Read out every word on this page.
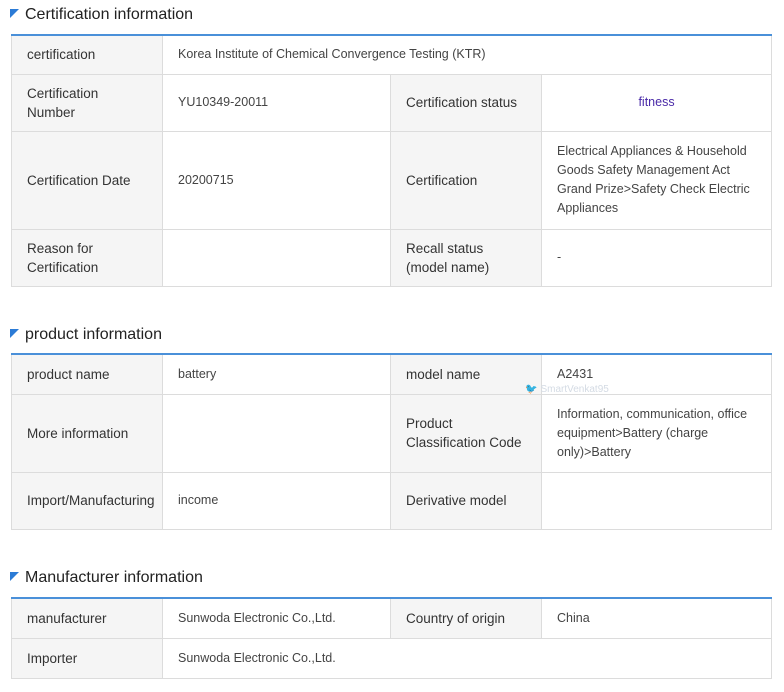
Certification information
certification	Korea Institute of Chemical Convergence Testing (KTR)		
Certification Number	YU10349-20011	Certification status	fitness
Certification Date	20200715	Certification	Electrical Appliances & Household Goods Safety Management Act Grand Prize>Safety Check Electric Appliances
Reason for Certification		Recall status (model name)	-
product information
product name	battery	model name	A2431
More information		Product Classification Code	Information, communication, office equipment>Battery (charge only)>Battery
Import/Manufacturing	income	Derivative model	
Manufacturer information
manufacturer	Sunwoda Electronic Co.,Ltd.	Country of origin	China
Importer	Sunwoda Electronic Co.,Ltd.		
🐦 SmartVenkat95
